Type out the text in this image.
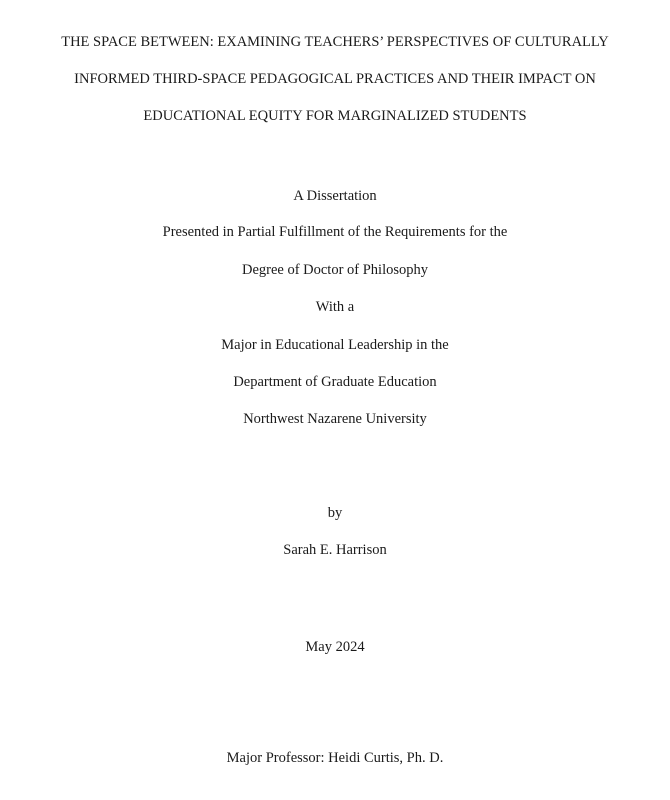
THE SPACE BETWEEN: EXAMINING TEACHERS’ PERSPECTIVES OF CULTURALLY
INFORMED THIRD-SPACE PEDAGOGICAL PRACTICES AND THEIR IMPACT ON
EDUCATIONAL EQUITY FOR MARGINALIZED STUDENTS
A Dissertation
Presented in Partial Fulfillment of the Requirements for the
Degree of Doctor of Philosophy
With a
Major in Educational Leadership in the
Department of Graduate Education
Northwest Nazarene University
by
Sarah E. Harrison
May 2024
Major Professor: Heidi Curtis, Ph. D.
